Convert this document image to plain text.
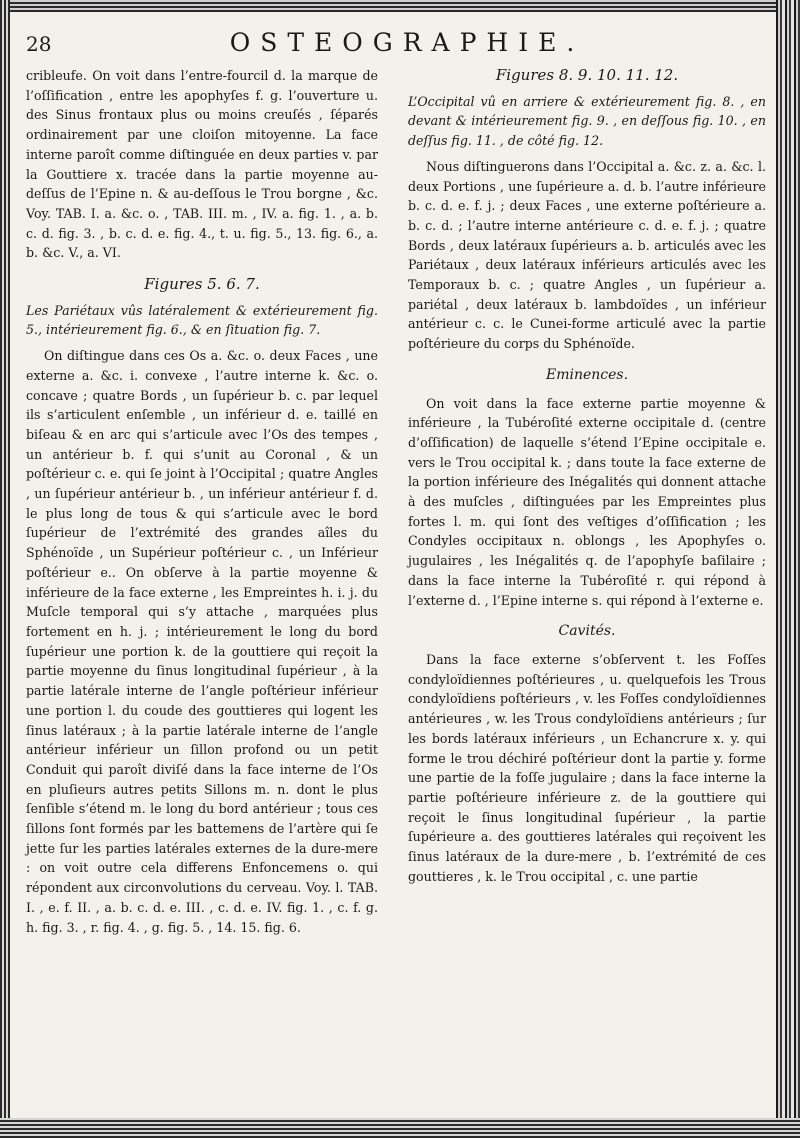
28	OSTEOGRAPHIE.

cribleufe. On voit dans l’entre-fourcil d. la marque de l’oſſification , entre les apophyſes f. g. l’ouverture u. des Sinus frontaux plus ou moins creuſés , ſéparés ordinairement par une cloiſon mitoyenne. La face interne paroît comme diſtinguée en deux parties v. par la Gouttiere x. tracée dans la partie moyenne au-deſſus de l’Epine n. & au-deſſous le Trou borgne , &c. Voy. TAB. I. a. &c. o. , TAB. III. m. , IV. a. fig. 1. , a. b. c. d. fig. 3. , b. c. d. e. fig. 4., t. u. fig. 5., 13. fig. 6., a. b. &c. V., a. VI.

Figures 5. 6. 7.

Les Pariétaux vûs latéralement & extérieurement fig. 5., intérieurement fig. 6., & en ſituation fig. 7.

On diſtingue dans ces Os a. &c. o. deux Faces , une externe a. &c. i. convexe , l’autre interne k. &c. o. concave ; quatre Bords , un ſupérieur b. c. par lequel ils s’articulent enſemble , un inférieur d. e. taillé en biſeau & en arc qui s’articule avec l’Os des tempes , un antérieur b. f. qui s’unit au Coronal , & un poſtérieur c. e. qui ſe joint à l’Occipital ; quatre Angles , un ſupérieur antérieur b. , un inférieur antérieur f. d. le plus long de tous & qui s’articule avec le bord ſupérieur de l’extrémité des grandes aîles du Sphénoïde , un Supérieur poſtérieur c. , un Inférieur poſtérieur e.. On obſerve à la partie moyenne & inférieure de la face externe , les Empreintes h. i. j. du Muſcle temporal qui s’y attache , marquées plus fortement en h. j. ; intérieurement le long du bord ſupérieur une portion k. de la gouttiere qui reçoit la partie moyenne du ſinus longitudinal ſupérieur , à la partie latérale interne de l’angle poſtérieur inférieur une portion l. du coude des gouttieres qui logent les ſinus latéraux ; à la partie latérale interne de l’angle antérieur inférieur un ſillon profond ou un petit Conduit qui paroît diviſé dans la face interne de l’Os en pluſieurs autres petits Sillons m. n. dont le plus ſenſible s’étend m. le long du bord antérieur ; tous ces ſillons ſont formés par les battemens de l’artère qui ſe jette ſur les parties latérales externes de la dure-mere : on voit outre cela differens Enfoncemens o. qui répondent aux circonvolutions du cerveau. Voy. l. TAB. I. , e. f. II. , a. b. c. d. e. III. , c. d. e. IV. fig. 1. , c. f. g. h. fig. 3. , r. fig. 4. , g. fig. 5. , 14. 15. fig. 6.

Figures 8. 9. 10. 11. 12.

L’Occipital vû en arriere & extérieurement fig. 8. , en devant & intérieurement fig. 9. , en deſſous fig. 10. , en deſſus fig. 11. , de côté fig. 12.

Nous diſtinguerons dans l’Occipital a. &c. z. a. &c. l. deux Portions , une ſupérieure a. d. b. l’autre inférieure b. c. d. e. f. j. ; deux Faces , une externe poſtérieure a. b. c. d. ; l’autre interne antérieure c. d. e. f. j. ; quatre Bords , deux latéraux ſupérieurs a. b. articulés avec les Pariétaux , deux latéraux inférieurs articulés avec les Temporaux b. c. ; quatre Angles , un ſupérieur a. pariétal , deux latéraux b. lambdoïdes , un inférieur antérieur c. c. le Cunei-forme articulé avec la partie poſtérieure du corps du Sphénoïde.

Eminences.

On voit dans la face externe partie moyenne & inférieure , la Tubéroſité externe occipitale d. (centre d’oſſification) de laquelle s’étend l’Epine occipitale e. vers le Trou occipital k. ; dans toute la face externe de la portion inférieure des Inégalités qui donnent attache à des muſcles , diſtinguées par les Empreintes plus fortes l. m. qui ſont des veſtiges d’oſſification ; les Condyles occipitaux n. oblongs , les Apophyſes o. jugulaires , les Inégalités q. de l’apophyſe baſilaire ; dans la face interne la Tubéroſité r. qui répond à l’externe d. , l’Epine interne s. qui répond à l’externe e.

Cavités.

Dans la face externe s’obſervent t. les Foſſes condyloïdiennes poſtérieures , u. quelquefois les Trous condyloïdiens poſtérieurs , v. les Foſſes condyloïdiennes antérieures , w. les Trous condyloïdiens antérieurs ; ſur les bords latéraux inférieurs , un Echancrure x. y. qui forme le trou déchiré poſtérieur dont la partie y. forme une partie de la foſſe jugulaire ; dans la face interne la partie poſtérieure inférieure z. de la gouttiere qui reçoit le ſinus longitudinal ſupérieur , la partie ſupérieure a. des gouttieres latérales qui reçoivent les ſinus latéraux de la dure-mere , b. l’extrémité de ces gouttieres , k. le Trou occipital , c. une partie
